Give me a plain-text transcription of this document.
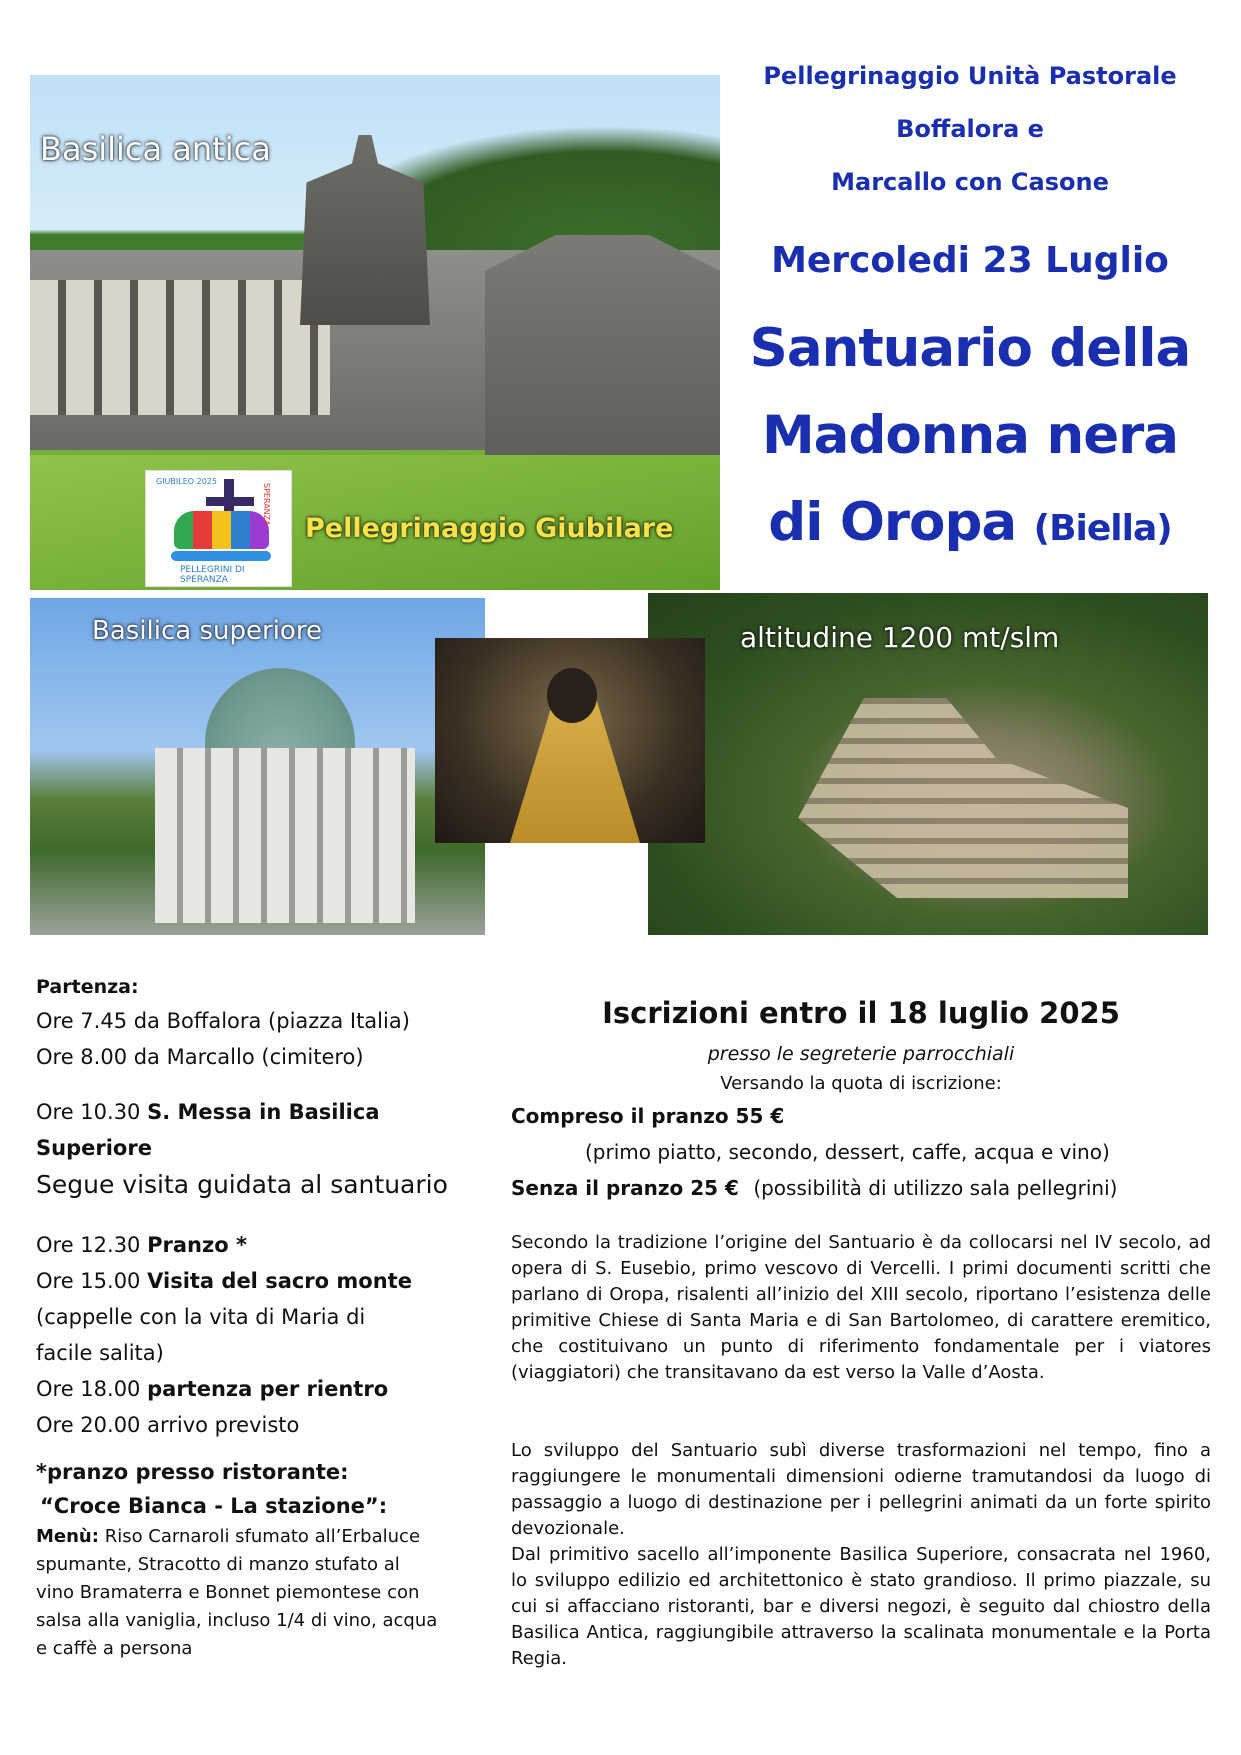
Basilica antica
Pellegrinaggio Giubilare
GIUBILEO 2025
PELLEGRINI DI SPERANZA
SPERANZA
Basilica superiore	altitudine 1200 mt/slm
Pellegrinaggio Unità Pastorale
Boffalora e
Marcallo con Casone
Mercoledi 23 Luglio
Santuario della
Madonna nera
di Oropa (Biella)
Partenza:
Ore 7.45 da Boffalora (piazza Italia)
Ore 8.00 da Marcallo (cimitero)
Ore 10.30 S. Messa in Basilica
Superiore
Segue visita guidata al santuario
Ore 12.30 Pranzo *
Ore 15.00 Visita del sacro monte
(cappelle con la vita di Maria di
facile salita)
Ore 18.00 partenza per rientro
Ore 20.00 arrivo previsto
*pranzo presso ristorante:
“Croce Bianca - La stazione”:
Menù: Riso Carnaroli sfumato all’Erbaluce
spumante, Stracotto di manzo stufato al
vino Bramaterra e Bonnet piemontese con
salsa alla vaniglia, incluso 1/4 di vino, acqua
e caffè a persona
Iscrizioni entro il 18 luglio 2025
presso le segreterie parrocchiali
Versando la quota di iscrizione:
Compreso il pranzo 55 €
(primo piatto, secondo, dessert, caffe, acqua e vino)
Senza il pranzo 25 € (possibilità di utilizzo sala pellegrini)
Secondo la tradizione l’origine del Santuario è da collocarsi nel IV secolo, ad opera di S. Eusebio, primo vescovo di Vercelli. I primi documenti scritti che parlano di Oropa, risalenti all’inizio del XIII secolo, riportano l’esistenza delle primitive Chiese di Santa Maria e di San Bartolomeo, di carattere eremitico, che costituivano un punto di riferimento fondamentale per i viatores (viaggiatori) che transitavano da est verso la Valle d’Aosta.
Lo sviluppo del Santuario subì diverse trasformazioni nel tempo, fino a raggiungere le monumentali dimensioni odierne tramutandosi da luogo di passaggio a luogo di destinazione per i pellegrini animati da un forte spirito devozionale.
Dal primitivo sacello all’imponente Basilica Superiore, consacrata nel 1960, lo sviluppo edilizio ed architettonico è stato grandioso. Il primo piazzale, su cui si affacciano ristoranti, bar e diversi negozi, è seguito dal chiostro della Basilica Antica, raggiungibile attraverso la scalinata monumentale e la Porta Regia.
